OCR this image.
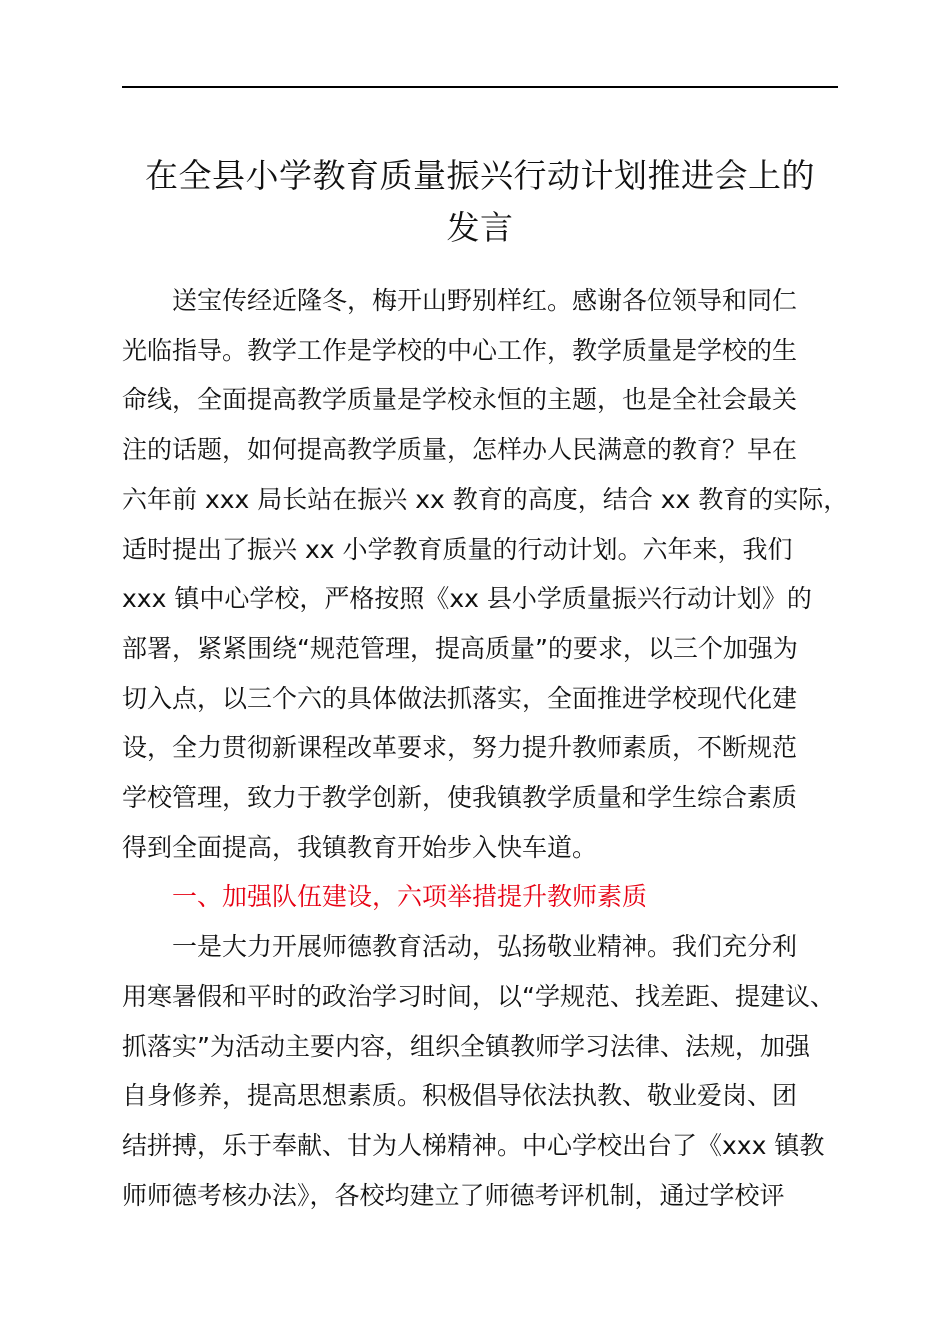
在全县小学教育质量振兴行动计划推进会上的
发言

送宝传经近隆冬，梅开山野别样红。感谢各位领导和同仁
光临指导。教学工作是学校的中心工作，教学质量是学校的生
命线，全面提高教学质量是学校永恒的主题，也是全社会最关
注的话题，如何提高教学质量，怎样办人民满意的教育？早在
六年前 xxx 局长站在振兴 xx 教育的高度，结合 xx 教育的实际，
适时提出了振兴 xx 小学教育质量的行动计划。六年来，我们
xxx 镇中心学校，严格按照《xx 县小学质量振兴行动计划》的
部署，紧紧围绕“规范管理，提高质量”的要求，以三个加强为
切入点，以三个六的具体做法抓落实，全面推进学校现代化建
设，全力贯彻新课程改革要求，努力提升教师素质，不断规范
学校管理，致力于教学创新，使我镇教学质量和学生综合素质
得到全面提高，我镇教育开始步入快车道。

一、加强队伍建设，六项举措提升教师素质

一是大力开展师德教育活动，弘扬敬业精神。我们充分利
用寒暑假和平时的政治学习时间，以“学规范、找差距、提建议、
抓落实”为活动主要内容，组织全镇教师学习法律、法规，加强
自身修养，提高思想素质。积极倡导依法执教、敬业爱岗、团
结拼搏，乐于奉献、甘为人梯精神。中心学校出台了《xxx 镇教
师师德考核办法》，各校均建立了师德考评机制，通过学校评
